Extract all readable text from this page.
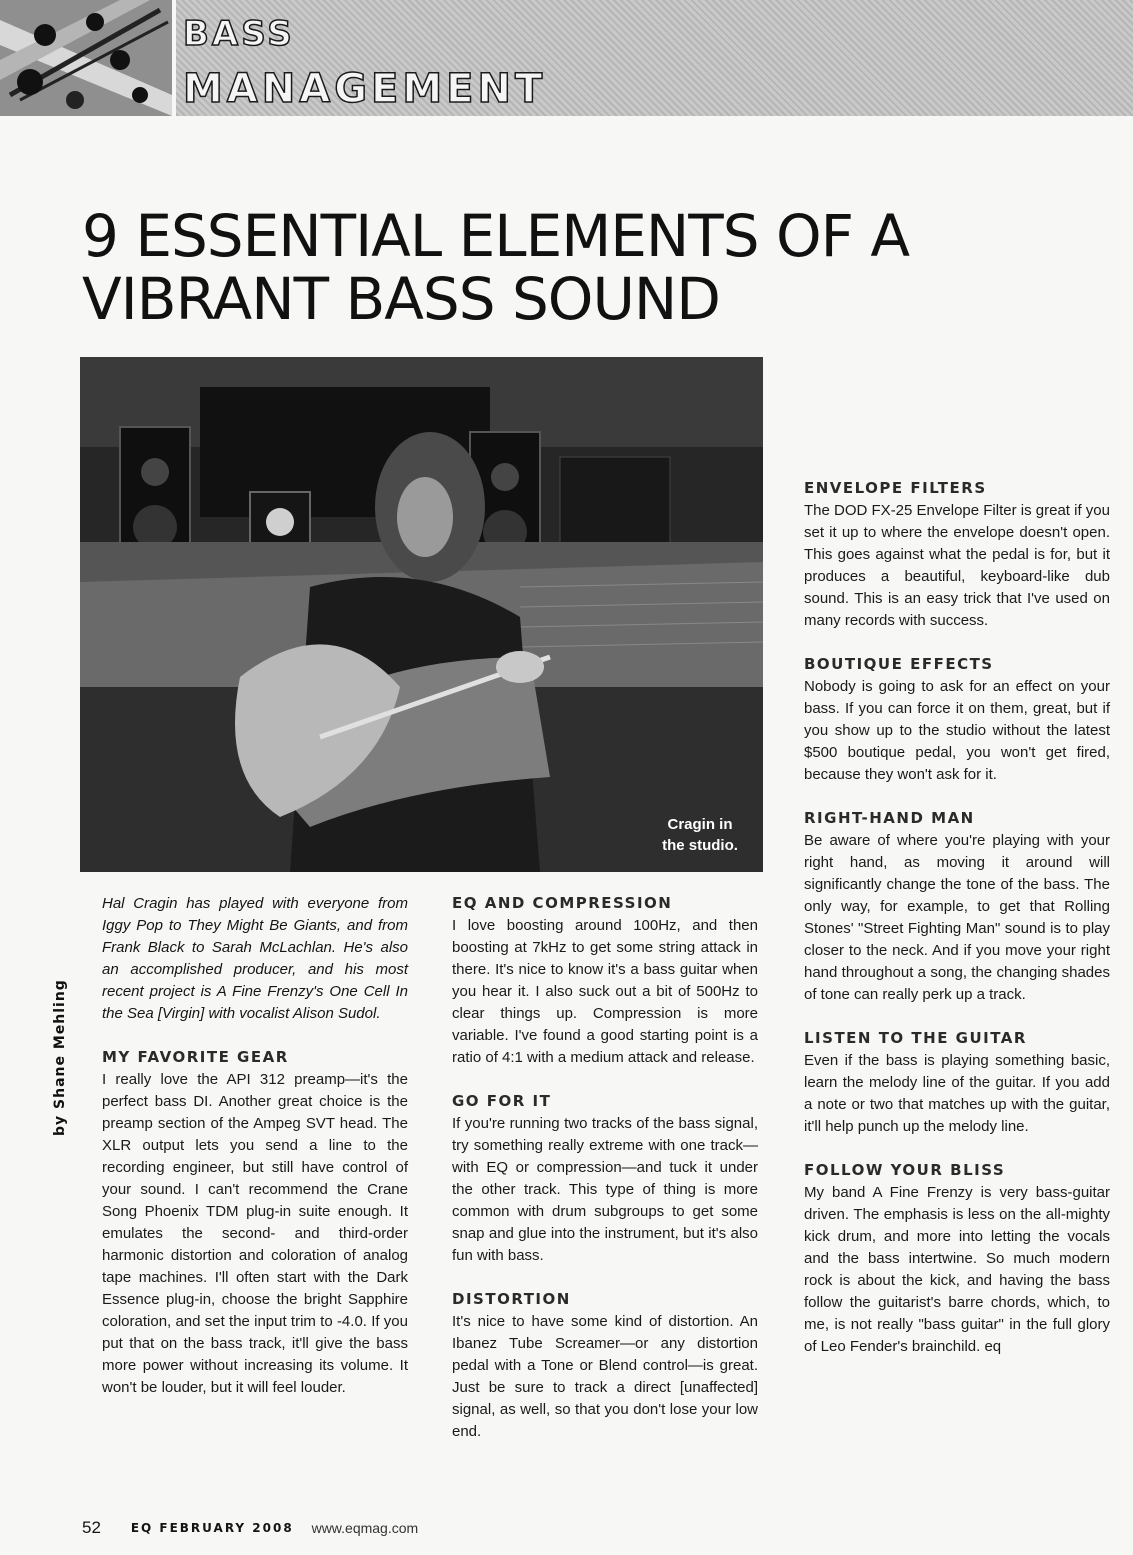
BASS

MANAGEMENT

9 ESSENTIAL ELEMENTS OF A VIBRANT BASS SOUND

Cragin in the studio.

by Shane Mehling

Hal Cragin has played with everyone from Iggy Pop to They Might Be Giants, and from Frank Black to Sarah McLachlan. He's also an accomplished producer, and his most recent project is A Fine Frenzy's One Cell In the Sea [Virgin] with vocalist Alison Sudol.

MY FAVORITE GEAR

I really love the API 312 preamp—it's the perfect bass DI. Another great choice is the preamp section of the Ampeg SVT head. The XLR output lets you send a line to the recording engineer, but still have control of your sound. I can't recommend the Crane Song Phoenix TDM plug-in suite enough. It emulates the second- and third-order harmonic distortion and coloration of analog tape machines. I'll often start with the Dark Essence plug-in, choose the bright Sapphire coloration, and set the input trim to -4.0. If you put that on the bass track, it'll give the bass more power without increasing its volume. It won't be louder, but it will feel louder.

EQ AND COMPRESSION

I love boosting around 100Hz, and then boosting at 7kHz to get some string attack in there. It's nice to know it's a bass guitar when you hear it. I also suck out a bit of 500Hz to clear things up. Compression is more variable. I've found a good starting point is a ratio of 4:1 with a medium attack and release.

GO FOR IT

If you're running two tracks of the bass signal, try something really extreme with one track—with EQ or compression—and tuck it under the other track. This type of thing is more common with drum subgroups to get some snap and glue into the instrument, but it's also fun with bass.

DISTORTION

It's nice to have some kind of distortion. An Ibanez Tube Screamer—or any distortion pedal with a Tone or Blend control—is great. Just be sure to track a direct [unaffected] signal, as well, so that you don't lose your low end.

ENVELOPE FILTERS

The DOD FX-25 Envelope Filter is great if you set it up to where the envelope doesn't open. This goes against what the pedal is for, but it produces a beautiful, keyboard-like dub sound. This is an easy trick that I've used on many records with success.

BOUTIQUE EFFECTS

Nobody is going to ask for an effect on your bass. If you can force it on them, great, but if you show up to the studio without the latest $500 boutique pedal, you won't get fired, because they won't ask for it.

RIGHT-HAND MAN

Be aware of where you're playing with your right hand, as moving it around will significantly change the tone of the bass. The only way, for example, to get that Rolling Stones' "Street Fighting Man" sound is to play closer to the neck. And if you move your right hand throughout a song, the changing shades of tone can really perk up a track.

LISTEN TO THE GUITAR

Even if the bass is playing something basic, learn the melody line of the guitar. If you add a note or two that matches up with the guitar, it'll help punch up the melody line.

FOLLOW YOUR BLISS

My band A Fine Frenzy is very bass-guitar driven. The emphasis is less on the all-mighty kick drum, and more into letting the vocals and the bass intertwine. So much modern rock is about the kick, and having the bass follow the guitarist's barre chords, which, to me, is not really "bass guitar" in the full glory of Leo Fender's brainchild. eq

52 EQ FEBRUARY 2008 www.eqmag.com
